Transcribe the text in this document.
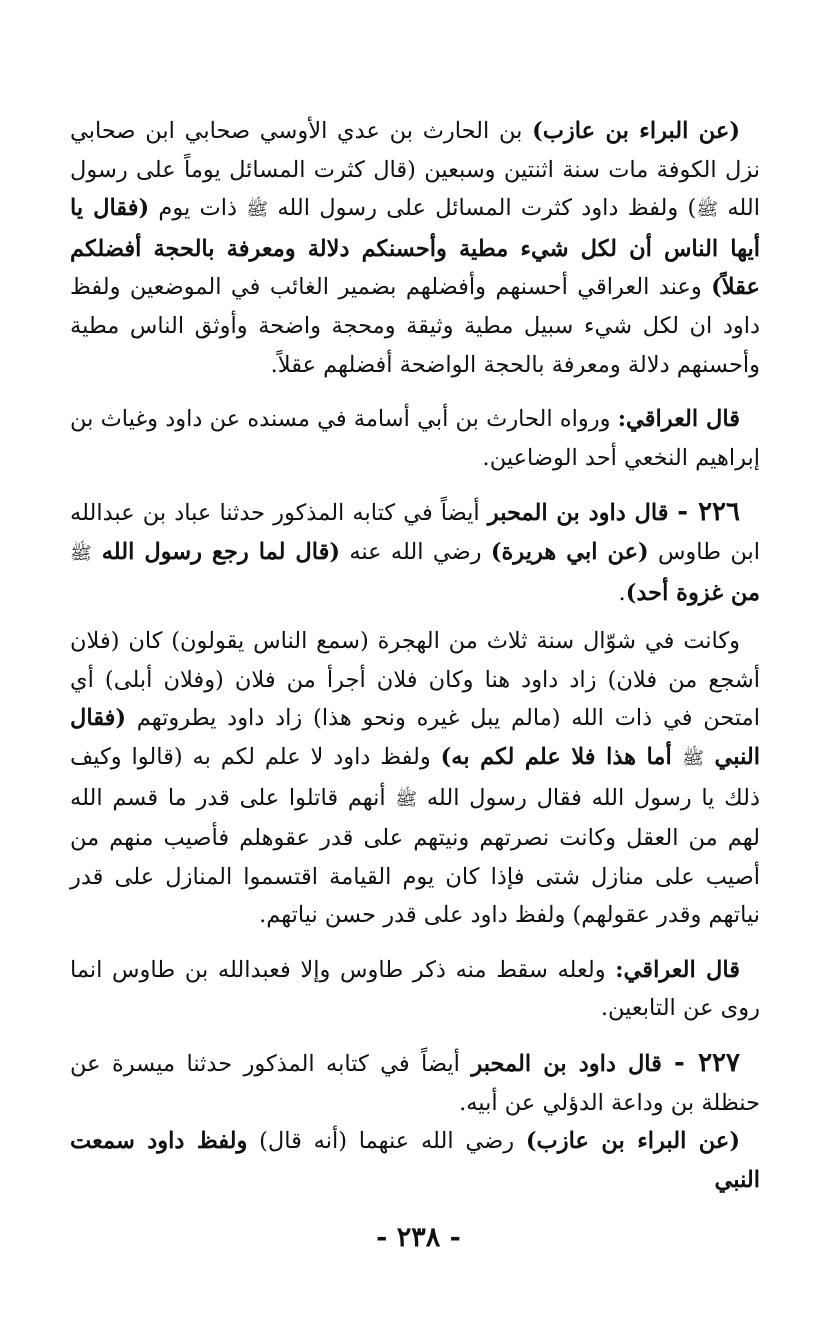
(عن البراء بن عازب) بن الحارث بن عدي الأوسي صحابي ابن صحابي نزل الكوفة مات سنة اثنتين وسبعين (قال كثرت المسائل يوماً على رسول الله ﷺ) ولفظ داود كثرت المسائل على رسول الله ﷺ ذات يوم (فقال يا أيها الناس أن لكل شيء مطية وأحسنكم دلالة ومعرفة بالحجة أفضلكم عقلاً) وعند العراقي أحسنهم وأفضلهم بضمير الغائب في الموضعين ولفظ داود ان لكل شيء سبيل مطية وثيقة ومحجة واضحة وأوثق الناس مطية وأحسنهم دلالة ومعرفة بالحجة الواضحة أفضلهم عقلاً.

قال العراقي: ورواه الحارث بن أبي أسامة في مسنده عن داود وغياث بن إبراهيم النخعي أحد الوضاعين.

٢٢٦ - قال داود بن المحبر أيضاً في كتابه المذكور حدثنا عباد بن عبدالله ابن طاوس (عن ابي هريرة) رضي الله عنه (قال لما رجع رسول الله ﷺ من غزوة أحد).

وكانت في شوّال سنة ثلاث من الهجرة (سمع الناس يقولون) كان (فلان أشجع من فلان) زاد داود هنا وكان فلان أجرأ من فلان (وفلان أبلى) أي امتحن في ذات الله (مالم يبل غيره ونحو هذا) زاد داود يطروتهم (فقال النبي ﷺ أما هذا فلا علم لكم به) ولفظ داود لا علم لكم به (قالوا وكيف ذلك يا رسول الله فقال رسول الله ﷺ أنهم قاتلوا على قدر ما قسم الله لهم من العقل وكانت نصرتهم ونيتهم على قدر عقوهلم فأصيب منهم من أصيب على منازل شتى فإذا كان يوم القيامة اقتسموا المنازل على قدر نياتهم وقدر عقولهم) ولفظ داود على قدر حسن نياتهم.

قال العراقي: ولعله سقط منه ذكر طاوس وإلا فعبدالله بن طاوس انما روى عن التابعين.

٢٢٧ - قال داود بن المحبر أيضاً في كتابه المذكور حدثنا ميسرة عن حنظلة بن وداعة الدؤلي عن أبيه.

(عن البراء بن عازب) رضي الله عنهما (أنه قال) ولفظ داود سمعت النبي

- ٢٣٨ -
